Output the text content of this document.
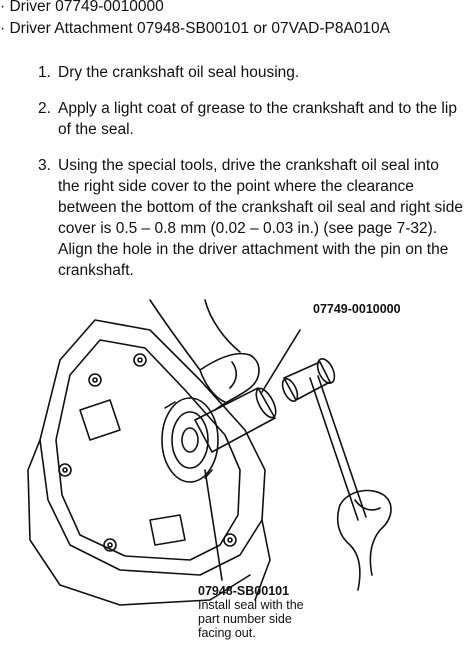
· Driver 07749-0010000
· Driver Attachment 07948-SB00101 or 07VAD-P8A010A
1. Dry the crankshaft oil seal housing.
2. Apply a light coat of grease to the crankshaft and to the lip of the seal.
3. Using the special tools, drive the crankshaft oil seal into the right side cover to the point where the clearance between the bottom of the crankshaft oil seal and right side cover is 0.5 – 0.8 mm (0.02 – 0.03 in.) (see page 7-32). Align the hole in the driver attachment with the pin on the crankshaft.
07749-0010000
07948-SB00101
Install seal with the
part number side
facing out.
